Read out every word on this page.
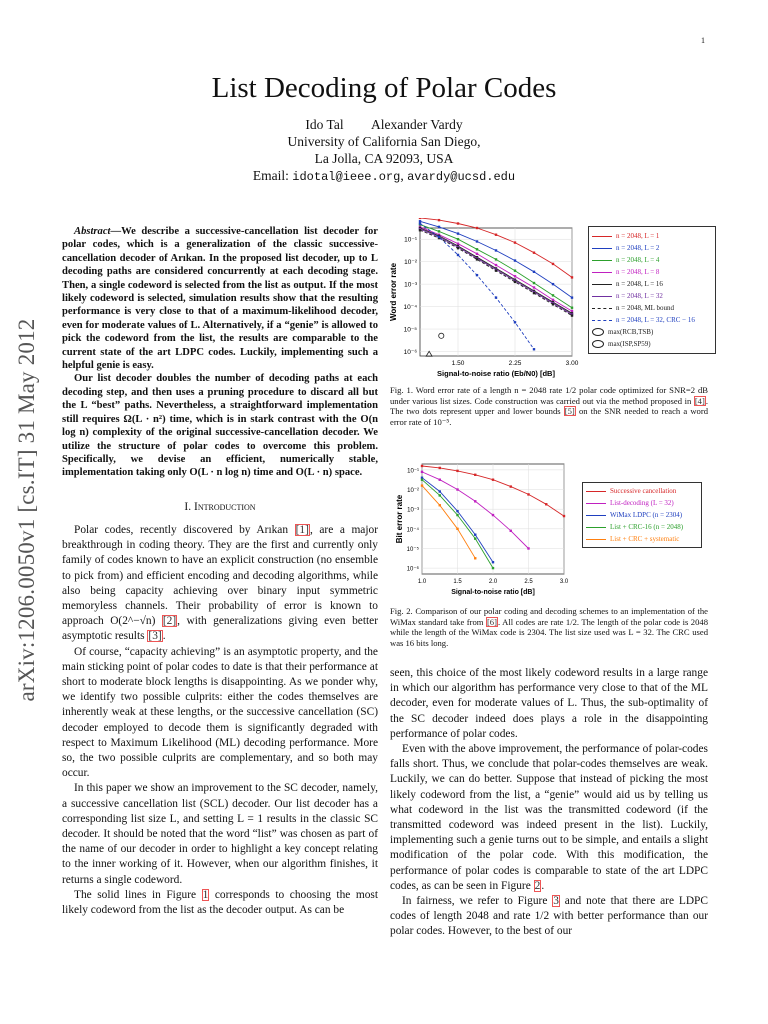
1
arXiv:1206.0050v1 [cs.IT] 31 May 2012
List Decoding of Polar Codes
Ido Tal Alexander Vardy
University of California San Diego,
La Jolla, CA 92093, USA
Email: idotal@ieee.org, avardy@ucsd.edu

Abstract—We describe a successive-cancellation list decoder for polar codes, which is a generalization of the classic successive-cancellation decoder of Arıkan. In the proposed list decoder, up to L decoding paths are considered concurrently at each decoding stage. Then, a single codeword is selected from the list as output. If the most likely codeword is selected, simulation results show that the resulting performance is very close to that of a maximum-likelihood decoder, even for moderate values of L. Alternatively, if a “genie” is allowed to pick the codeword from the list, the results are comparable to the current state of the art LDPC codes. Luckily, implementing such a helpful genie is easy.

Our list decoder doubles the number of decoding paths at each decoding step, and then uses a pruning procedure to discard all but the L “best” paths. Nevertheless, a straightforward implementation still requires Ω(L · n²) time, which is in stark contrast with the O(n log n) complexity of the original successive-cancellation decoder. We utilize the structure of polar codes to overcome this problem. Specifically, we devise an efficient, numerically stable, implementation taking only O(L · n log n) time and O(L · n) space.

I. Introduction

Polar codes, recently discovered by Arıkan [1], are a major breakthrough in coding theory. They are the first and currently only family of codes known to have an explicit construction (no ensemble to pick from) and efficient encoding and decoding algorithms, while also being capacity achieving over binary input symmetric memoryless channels. Their probability of error is known to approach O(2^−√n) [2], with generalizations giving even better asymptotic results [3].

Of course, “capacity achieving” is an asymptotic property, and the main sticking point of polar codes to date is that their performance at short to moderate block lengths is disappointing. As we ponder why, we identify two possible culprits: either the codes themselves are inherently weak at these lengths, or the successive cancellation (SC) decoder employed to decode them is significantly degraded with respect to Maximum Likelihood (ML) decoding performance. More so, the two possible culprits are complementary, and so both may occur.

In this paper we show an improvement to the SC decoder, namely, a successive cancellation list (SCL) decoder. Our list decoder has a corresponding list size L, and setting L = 1 results in the classic SC decoder. It should be noted that the word “list” was chosen as part of the name of our decoder in order to highlight a key concept relating to the inner working of it. However, when our algorithm finishes, it returns a single codeword.

The solid lines in Figure 1 corresponds to choosing the most likely codeword from the list as the decoder output. As can be

10⁻¹
10⁻²
10⁻³
10⁻⁴
10⁻⁵
10⁻⁶
1.50	2.25	3.00
Word error rate
Signal-to-noise ratio (Eb/N0) [dB]
n = 2048, L = 1
n = 2048, L = 2
n = 2048, L = 4
n = 2048, L = 8
n = 2048, L = 16
n = 2048, L = 32
n = 2048, ML bound
n = 2048, L = 32, CRC − 16
max(RCB,TSB)
max(ISP,SP59)
Fig. 1. Word error rate of a length n = 2048 rate 1/2 polar code optimized for SNR=2 dB under various list sizes. Code construction was carried out via the method proposed in [4]. The two dots represent upper and lower bounds [5] on the SNR needed to reach a word error rate of 10⁻⁵.
10⁻¹
10⁻²
10⁻³
10⁻⁴
10⁻⁵
10⁻⁶
1.0	1.5	2.0	2.5	3.0
Bit error rate
Signal-to-noise ratio [dB]
Successive cancellation
List-decoding (L = 32)
WiMax LDPC (n = 2304)
List + CRC-16 (n = 2048)
List + CRC + systematic
Fig. 2. Comparison of our polar coding and decoding schemes to an implementation of the WiMax standard take from [6]. All codes are rate 1/2. The length of the polar code is 2048 while the length of the WiMax code is 2304. The list size used was L = 32. The CRC used was 16 bits long.

seen, this choice of the most likely codeword results in a large range in which our algorithm has performance very close to that of the ML decoder, even for moderate values of L. Thus, the sub-optimality of the SC decoder indeed does plays a role in the disappointing performance of polar codes.

Even with the above improvement, the performance of polar-codes falls short. Thus, we conclude that polar-codes themselves are weak. Luckily, we can do better. Suppose that instead of picking the most likely codeword from the list, a “genie” would aid us by telling us what codeword in the list was the transmitted codeword (if the transmitted codeword was indeed present in the list). Luckily, implementing such a genie turns out to be simple, and entails a slight modification of the polar code. With this modification, the performance of polar codes is comparable to state of the art LDPC codes, as can be seen in Figure 2.

In fairness, we refer to Figure 3 and note that there are LDPC codes of length 2048 and rate 1/2 with better performance than our polar codes. However, to the best of our
